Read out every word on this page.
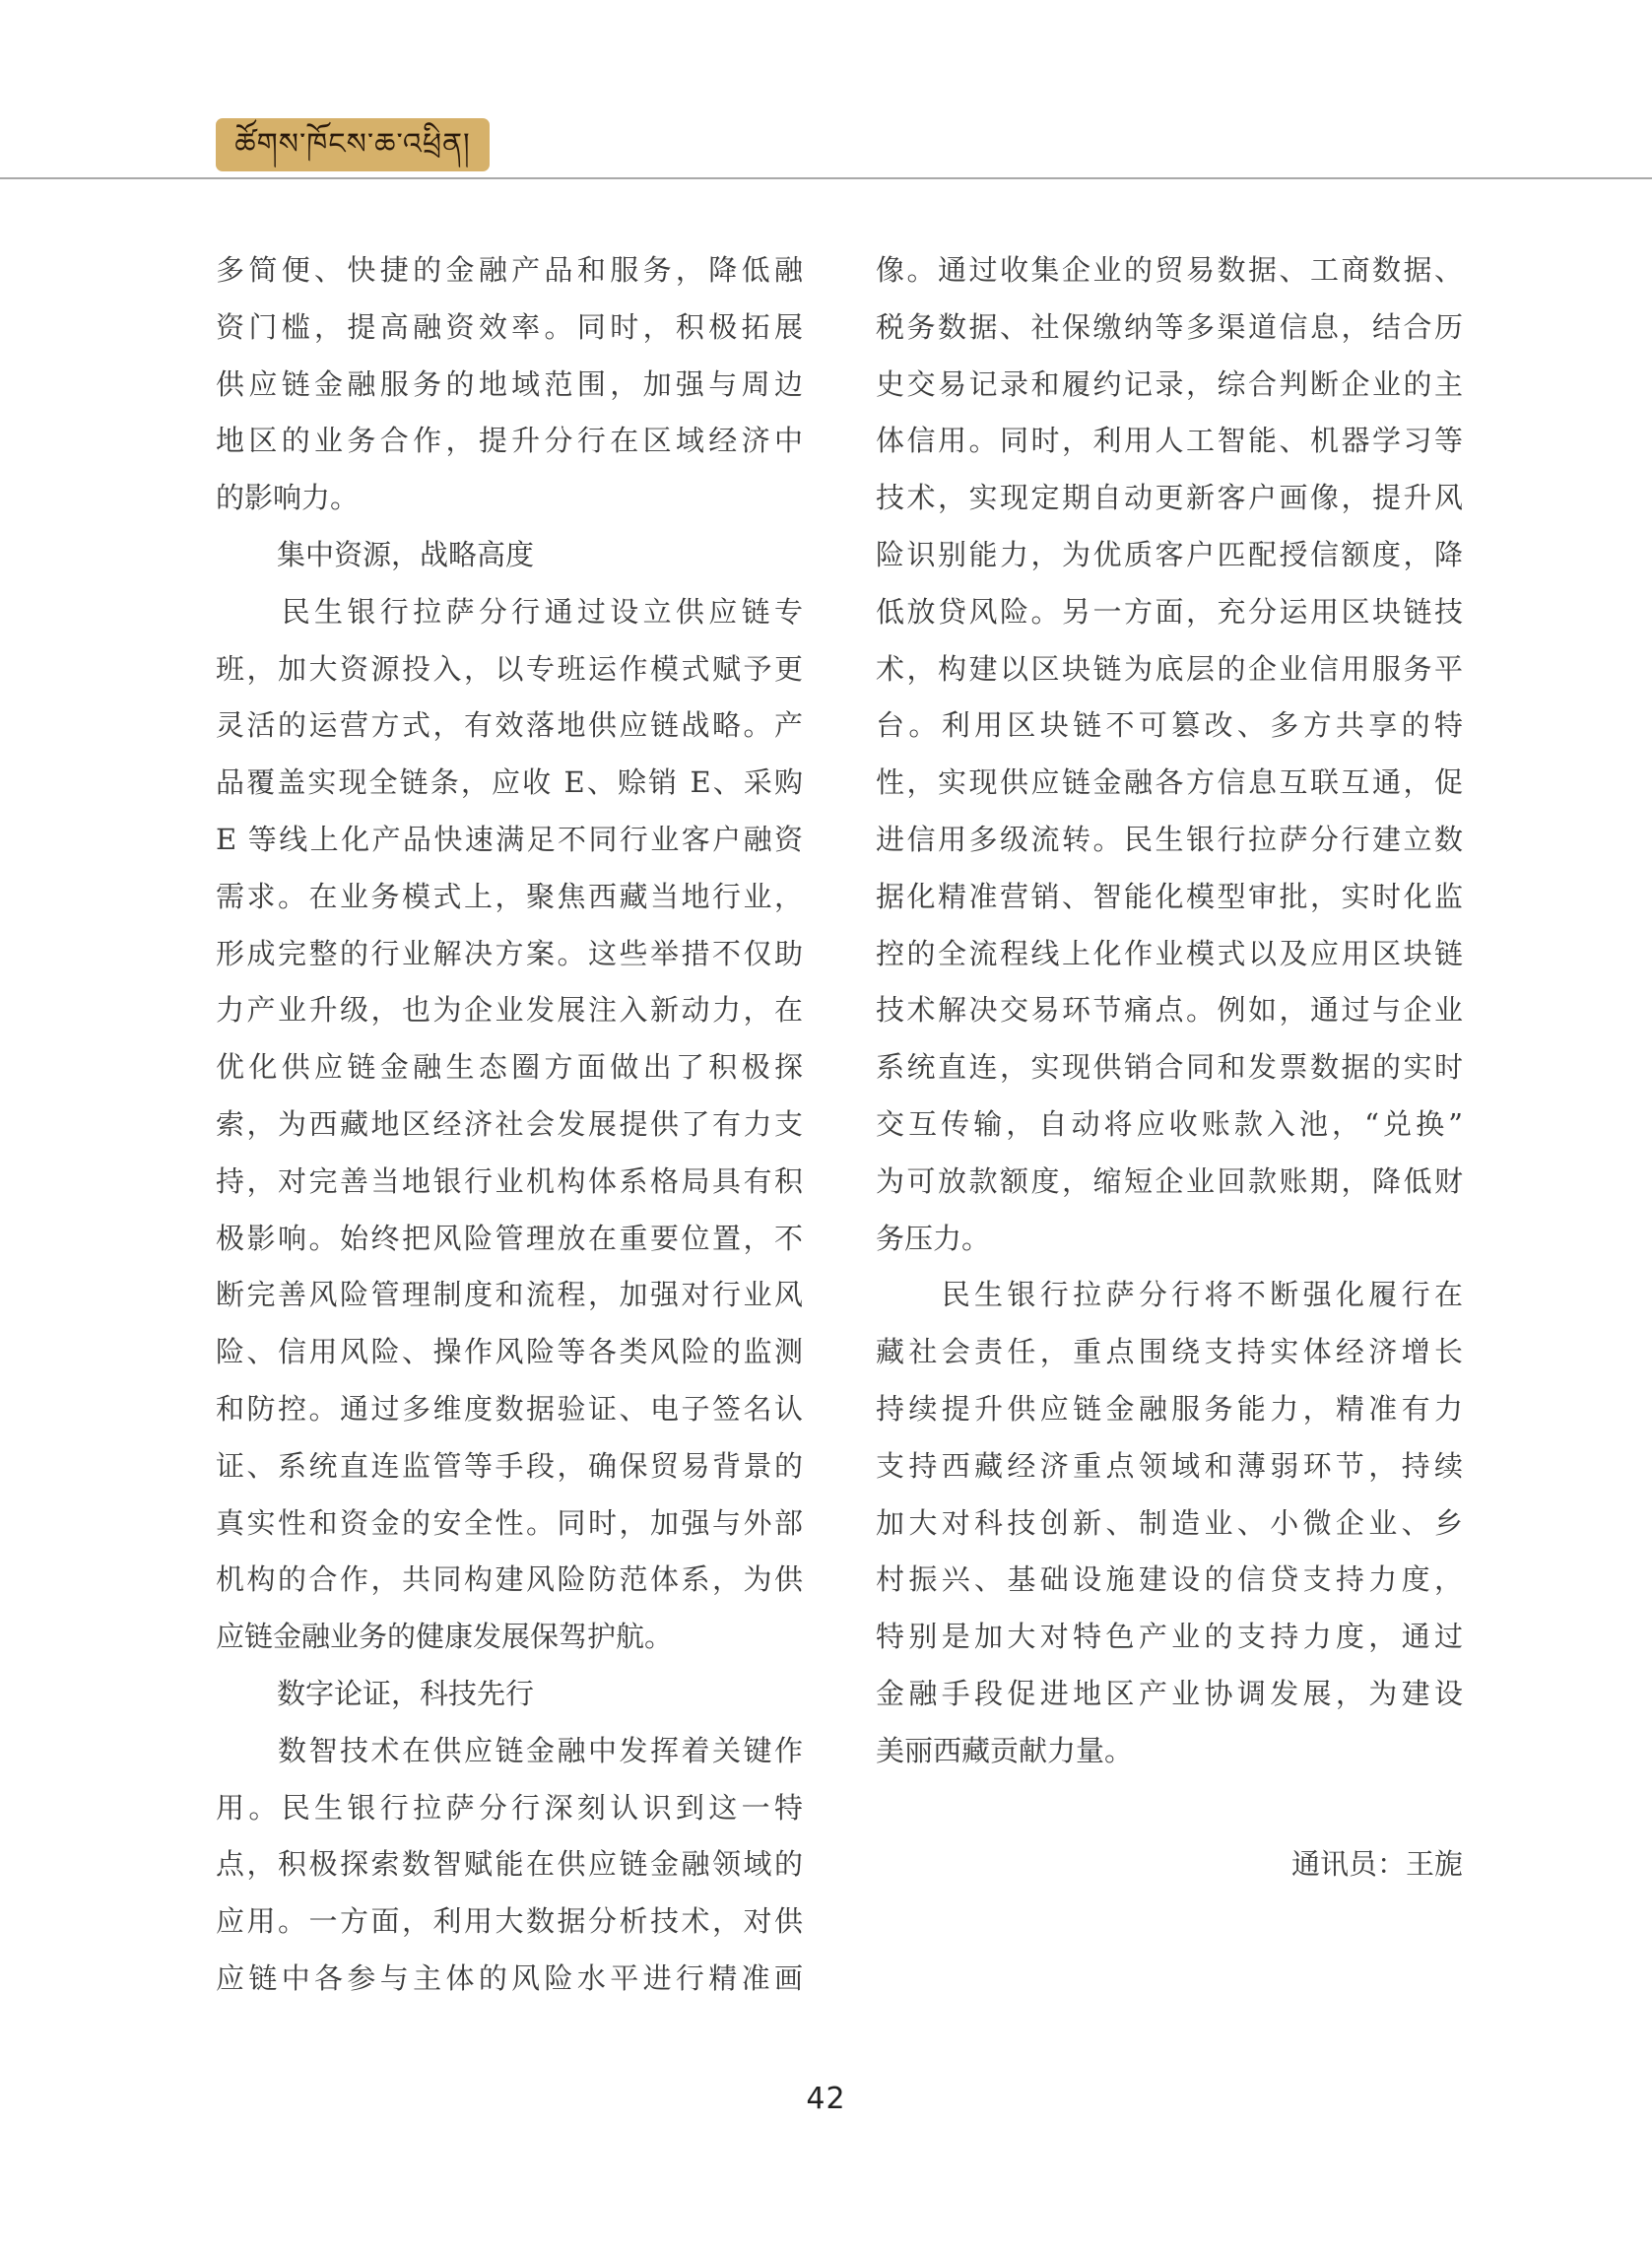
ཚོགས་ཁོངས་ཆ་འཕྲིན།
多简便、快捷的金融产品和服务，降低融
资门槛，提高融资效率。同时，积极拓展
供应链金融服务的地域范围，加强与周边
地区的业务合作，提升分行在区域经济中
的影响力。
集中资源，战略高度
　　民生银行拉萨分行通过设立供应链专
班，加大资源投入，以专班运作模式赋予更
灵活的运营方式，有效落地供应链战略。产
品覆盖实现全链条，应收 E、赊销 E、采购
E 等线上化产品快速满足不同行业客户融资
需求。在业务模式上，聚焦西藏当地行业，
形成完整的行业解决方案。这些举措不仅助
力产业升级，也为企业发展注入新动力，在
优化供应链金融生态圈方面做出了积极探
索，为西藏地区经济社会发展提供了有力支
持，对完善当地银行业机构体系格局具有积
极影响。始终把风险管理放在重要位置，不
断完善风险管理制度和流程，加强对行业风
险、信用风险、操作风险等各类风险的监测
和防控。通过多维度数据验证、电子签名认
证、系统直连监管等手段，确保贸易背景的
真实性和资金的安全性。同时，加强与外部
机构的合作，共同构建风险防范体系，为供
应链金融业务的健康发展保驾护航。
数字论证，科技先行
　　数智技术在供应链金融中发挥着关键作
用。民生银行拉萨分行深刻认识到这一特
点，积极探索数智赋能在供应链金融领域的
应用。一方面，利用大数据分析技术，对供
应链中各参与主体的风险水平进行精准画
像。通过收集企业的贸易数据、工商数据、
税务数据、社保缴纳等多渠道信息，结合历
史交易记录和履约记录，综合判断企业的主
体信用。同时，利用人工智能、机器学习等
技术，实现定期自动更新客户画像，提升风
险识别能力，为优质客户匹配授信额度，降
低放贷风险。另一方面，充分运用区块链技
术，构建以区块链为底层的企业信用服务平
台。利用区块链不可篡改、多方共享的特
性，实现供应链金融各方信息互联互通，促
进信用多级流转。民生银行拉萨分行建立数
据化精准营销、智能化模型审批，实时化监
控的全流程线上化作业模式以及应用区块链
技术解决交易环节痛点。例如，通过与企业
系统直连，实现供销合同和发票数据的实时
交互传输，自动将应收账款入池，“兑换”
为可放款额度，缩短企业回款账期，降低财
务压力。
　　民生银行拉萨分行将不断强化履行在
藏社会责任，重点围绕支持实体经济增长
持续提升供应链金融服务能力，精准有力
支持西藏经济重点领域和薄弱环节，持续
加大对科技创新、制造业、小微企业、乡
村振兴、基础设施建设的信贷支持力度，
特别是加大对特色产业的支持力度，通过
金融手段促进地区产业协调发展，为建设
美丽西藏贡献力量。
通讯员：王旎
42
